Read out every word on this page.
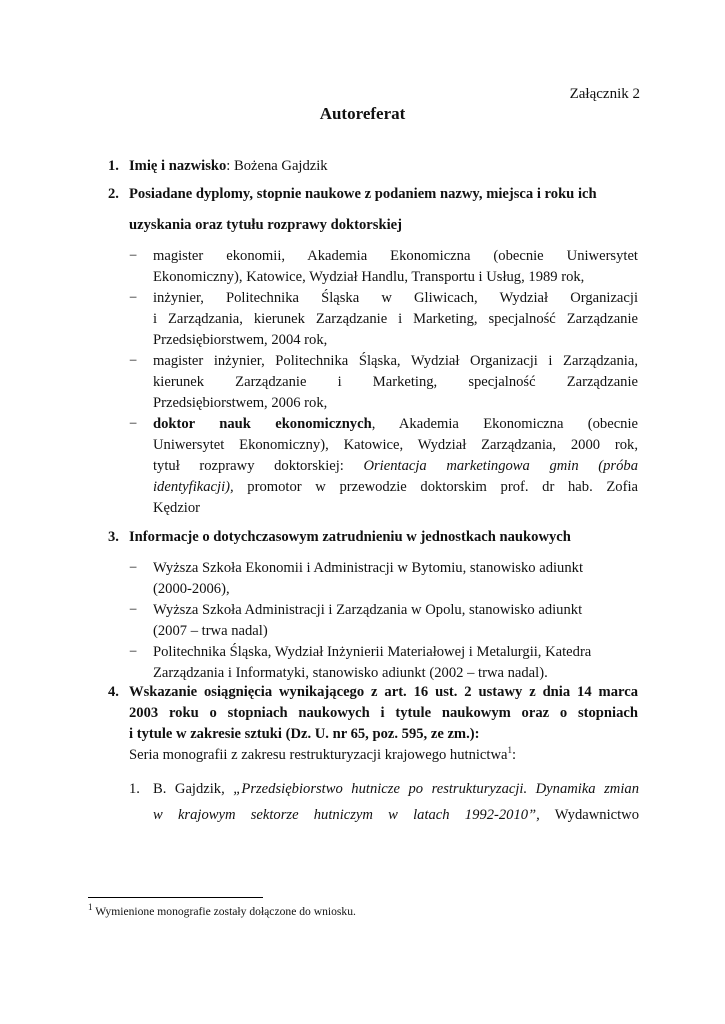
Załącznik 2
Autoreferat
1. Imię i nazwisko: Bożena Gajdzik
2. Posiadane dyplomy, stopnie naukowe z podaniem nazwy, miejsca i roku ich
uzyskania oraz tytułu rozprawy doktorskiej
− magister ekonomii, Akademia Ekonomiczna (obecnie Uniwersytet
Ekonomiczny), Katowice, Wydział Handlu, Transportu i Usług, 1989 rok,
− inżynier, Politechnika Śląska w Gliwicach, Wydział Organizacji
i Zarządzania, kierunek Zarządzanie i Marketing, specjalność Zarządzanie
Przedsiębiorstwem, 2004 rok,
− magister inżynier, Politechnika Śląska, Wydział Organizacji i Zarządzania,
kierunek Zarządzanie i Marketing, specjalność Zarządzanie
Przedsiębiorstwem, 2006 rok,
− doktor nauk ekonomicznych, Akademia Ekonomiczna (obecnie
Uniwersytet Ekonomiczny), Katowice, Wydział Zarządzania, 2000 rok,
tytuł rozprawy doktorskiej: Orientacja marketingowa gmin (próba
identyfikacji), promotor w przewodzie doktorskim prof. dr hab. Zofia
Kędzior
3. Informacje o dotychczasowym zatrudnieniu w jednostkach naukowych
− Wyższa Szkoła Ekonomii i Administracji w Bytomiu, stanowisko adiunkt
(2000-2006),
− Wyższa Szkoła Administracji i Zarządzania w Opolu, stanowisko adiunkt
(2007 – trwa nadal)
− Politechnika Śląska, Wydział Inżynierii Materiałowej i Metalurgii, Katedra
Zarządzania i Informatyki, stanowisko adiunkt (2002 – trwa nadal).
4. Wskazanie osiągnięcia wynikającego z art. 16 ust. 2 ustawy z dnia 14 marca
2003 roku o stopniach naukowych i tytule naukowym oraz o stopniach
i tytule w zakresie sztuki (Dz. U. nr 65, poz. 595, ze zm.):
Seria monografii z zakresu restrukturyzacji krajowego hutnictwa$^1$:
1. B. Gajdzik, „Przedsiębiorstwo hutnicze po restrukturyzacji. Dynamika zmian
w krajowym sektorze hutniczym w latach 1992-2010”, Wydawnictwo
$^1$ Wymienione monografie zostały dołączone do wniosku.
